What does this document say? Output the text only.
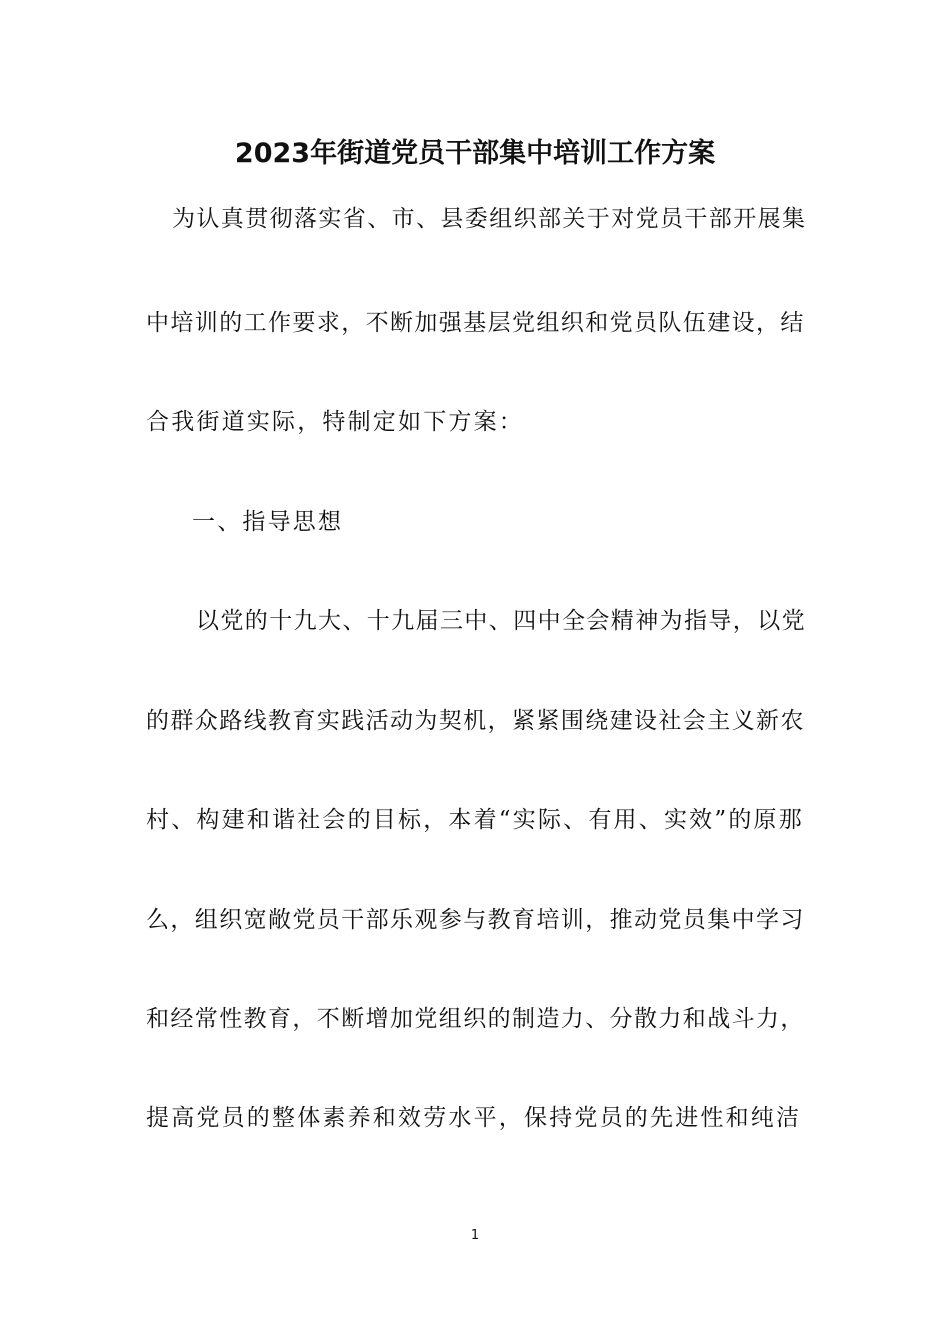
2023年街道党员干部集中培训工作方案
为认真贯彻落实省、市、县委组织部关于对党员干部开展集
中培训的工作要求，不断加强基层党组织和党员队伍建设，结
合我街道实际，特制定如下方案：
一、指导思想
以党的十九大、十九届三中、四中全会精神为指导，以党
的群众路线教育实践活动为契机，紧紧围绕建设社会主义新农
村、构建和谐社会的目标，本着“实际、有用、实效”的原那
么，组织宽敞党员干部乐观参与教育培训，推动党员集中学习
和经常性教育，不断增加党组织的制造力、分散力和战斗力，
提高党员的整体素养和效劳水平，保持党员的先进性和纯洁
1
